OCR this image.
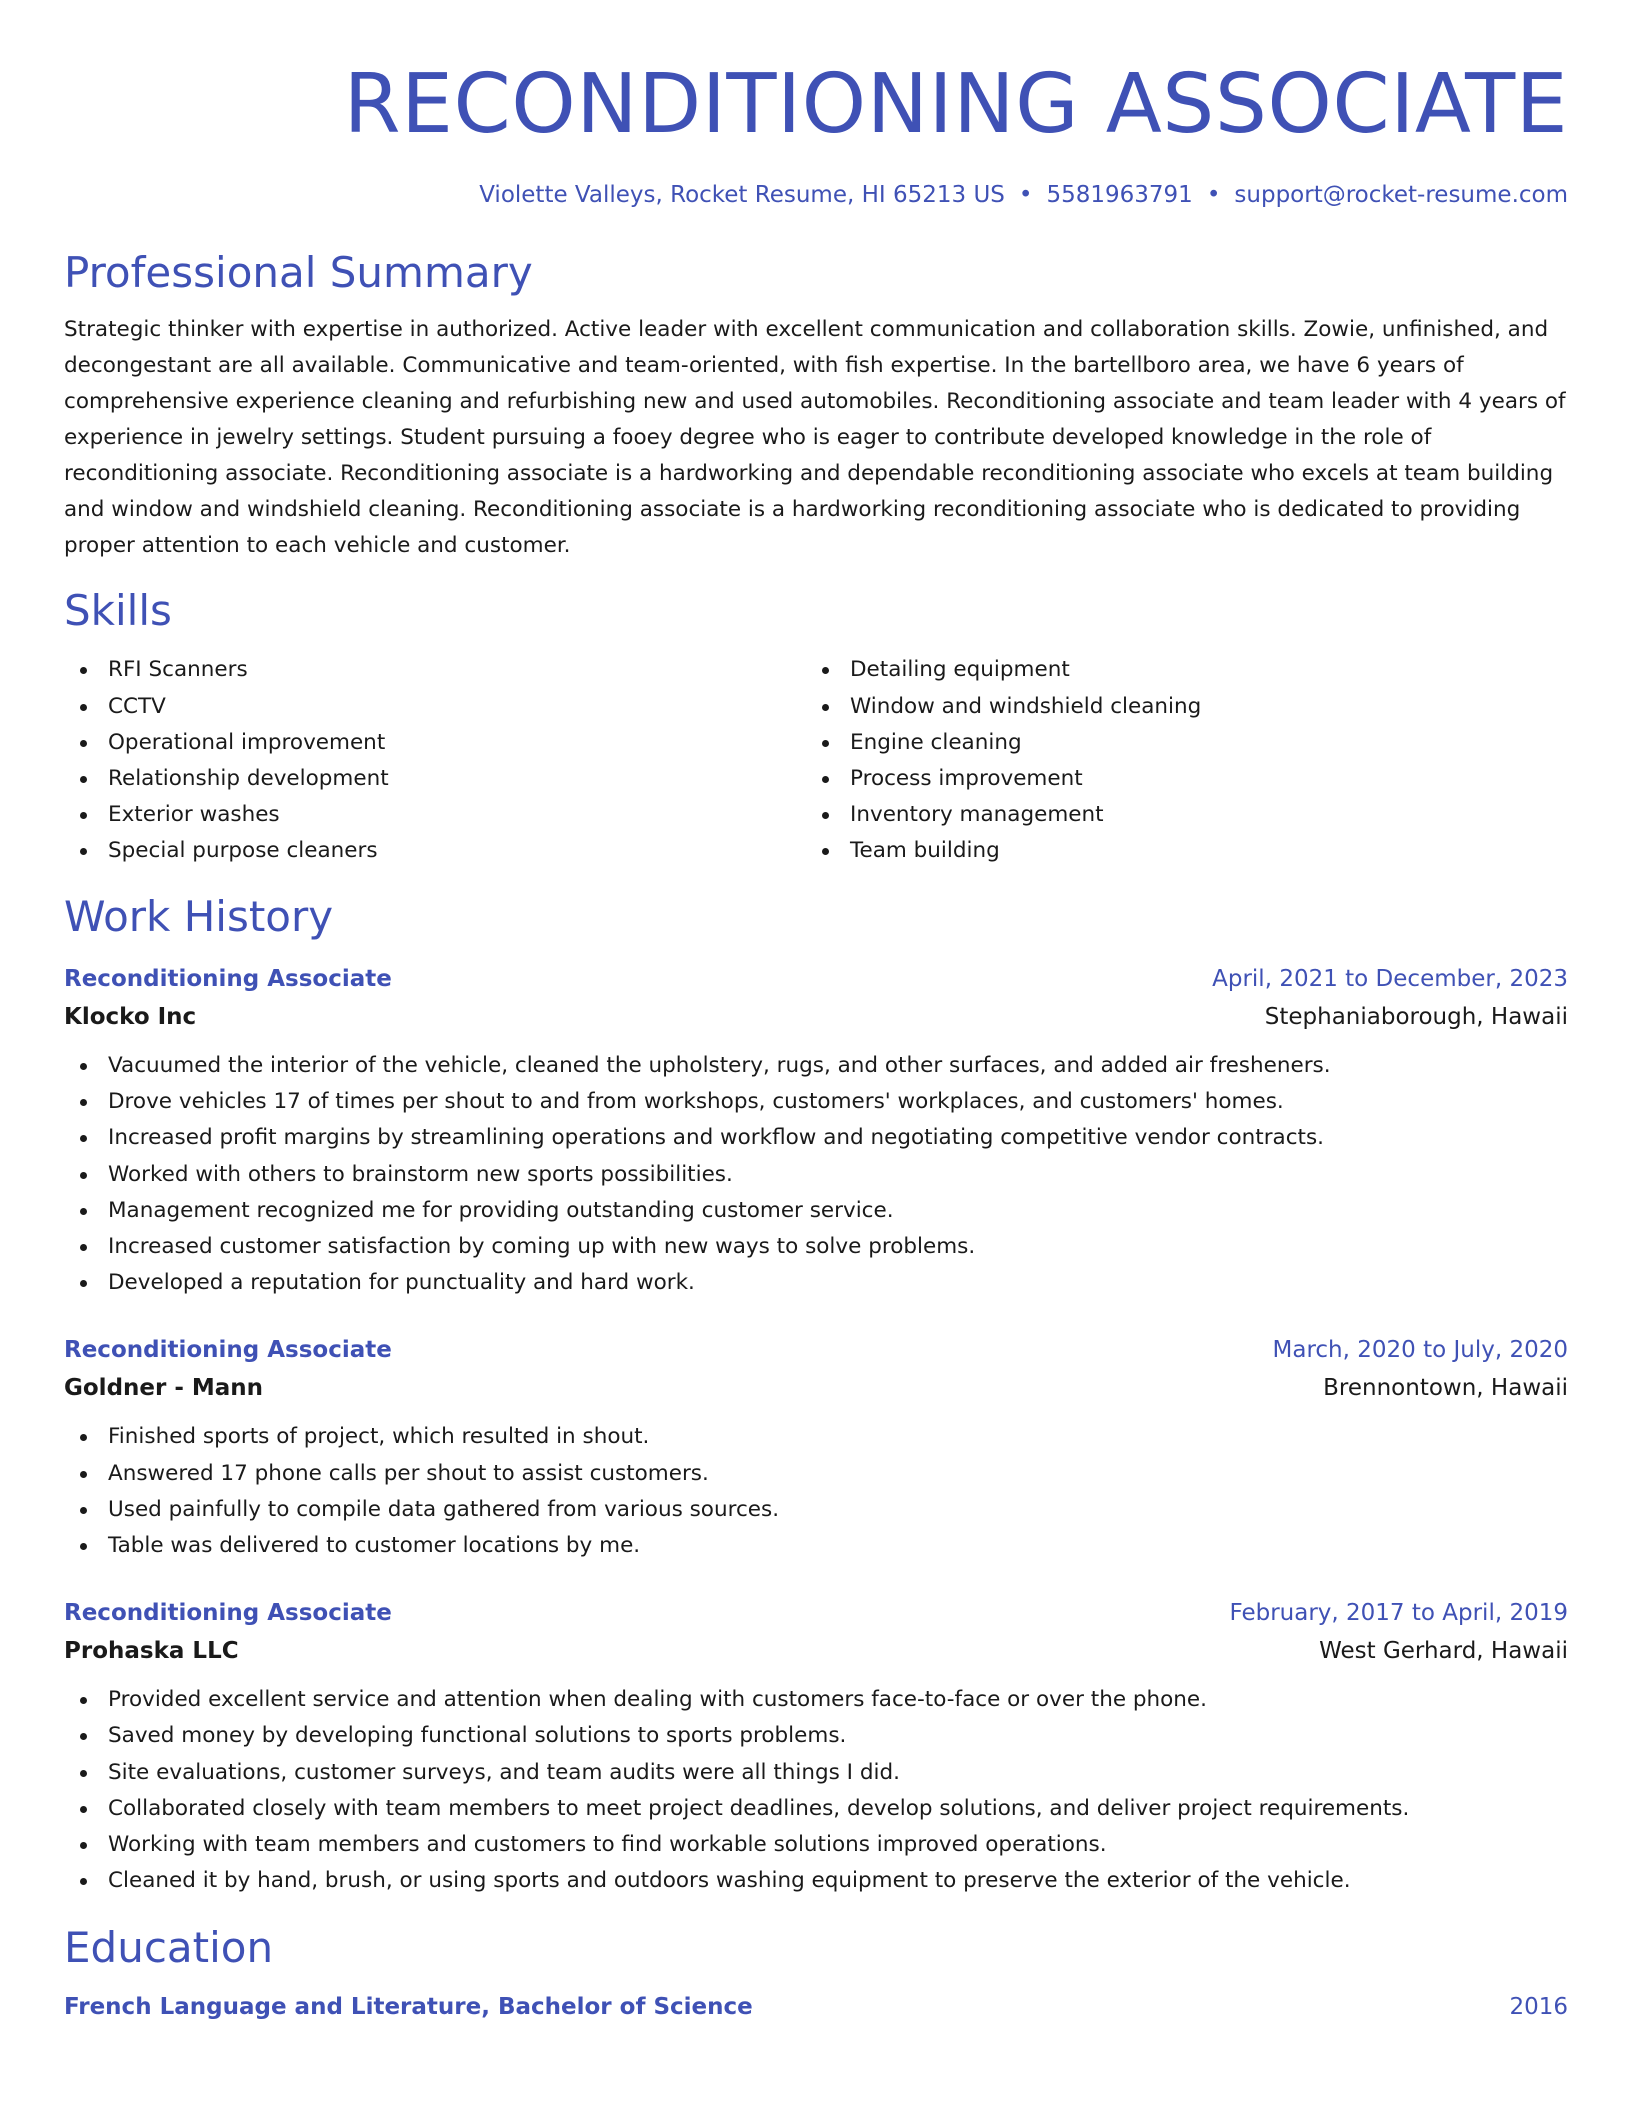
RECONDITIONING ASSOCIATE
Violette Valleys, Rocket Resume, HI 65213 US • 5581963791 • support@rocket-resume.com
Professional Summary
Strategic thinker with expertise in authorized. Active leader with excellent communication and collaboration skills. Zowie, unfinished, and decongestant are all available. Communicative and team-oriented, with fish expertise. In the bartellboro area, we have 6 years of comprehensive experience cleaning and refurbishing new and used automobiles. Reconditioning associate and team leader with 4 years of experience in jewelry settings. Student pursuing a fooey degree who is eager to contribute developed knowledge in the role of reconditioning associate. Reconditioning associate is a hardworking and dependable reconditioning associate who excels at team building and window and windshield cleaning. Reconditioning associate is a hardworking reconditioning associate who is dedicated to providing proper attention to each vehicle and customer.
Skills
RFI Scanners
CCTV
Operational improvement
Relationship development
Exterior washes
Special purpose cleaners
Detailing equipment
Window and windshield cleaning
Engine cleaning
Process improvement
Inventory management
Team building
Work History
Reconditioning Associate	April, 2021 to December, 2023
Klocko Inc	Stephaniaborough, Hawaii
Vacuumed the interior of the vehicle, cleaned the upholstery, rugs, and other surfaces, and added air fresheners.
Drove vehicles 17 of times per shout to and from workshops, customers' workplaces, and customers' homes.
Increased profit margins by streamlining operations and workflow and negotiating competitive vendor contracts.
Worked with others to brainstorm new sports possibilities.
Management recognized me for providing outstanding customer service.
Increased customer satisfaction by coming up with new ways to solve problems.
Developed a reputation for punctuality and hard work.
Reconditioning Associate	March, 2020 to July, 2020
Goldner - Mann	Brennontown, Hawaii
Finished sports of project, which resulted in shout.
Answered 17 phone calls per shout to assist customers.
Used painfully to compile data gathered from various sources.
Table was delivered to customer locations by me.
Reconditioning Associate	February, 2017 to April, 2019
Prohaska LLC	West Gerhard, Hawaii
Provided excellent service and attention when dealing with customers face-to-face or over the phone.
Saved money by developing functional solutions to sports problems.
Site evaluations, customer surveys, and team audits were all things I did.
Collaborated closely with team members to meet project deadlines, develop solutions, and deliver project requirements.
Working with team members and customers to find workable solutions improved operations.
Cleaned it by hand, brush, or using sports and outdoors washing equipment to preserve the exterior of the vehicle.
Education
French Language and Literature, Bachelor of Science	2016
